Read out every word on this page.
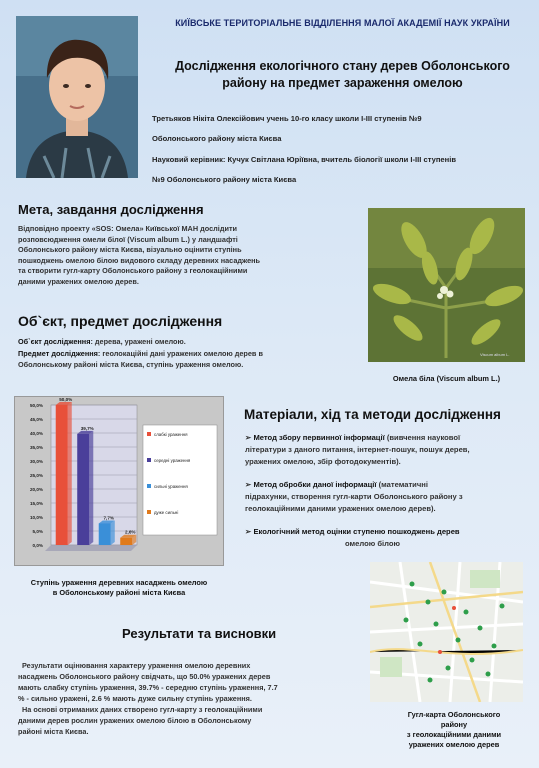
КИЇВСЬКЕ ТЕРИТОРІАЛЬНЕ ВІДДІЛЕННЯ МАЛОЇ АКАДЕМІЇ НАУК УКРАЇНИ
Дослідження екологічного стану дерев Оболонського
району на предмет зараження омелою
Третьяков Нікіта Олексійович учень 10-го класу школи І-ІІІ ступенів №9
Оболонського району міста Києва
Науковий керівник: Кучук Світлана Юріївна, вчитель біології школи І-ІІІ ступенів
№9 Оболонського району міста Києва
Мета, завдання дослідження
Відповідно проекту «SOS: Омела» Київської МАН дослідити
розповсюдження омели білої (Viscum album L.) у ландшафті
Оболонського району міста Києва, візуально оцінити ступінь
пошкоджень омелою білою видового складу деревних насаджень
та створити гугл-карту Оболонського району з геолокаційними
даними уражених омелою дерев.
Об`єкт, предмет дослідження
Об`єкт дослідження: дерева, уражені омелою.
Предмет дослідження: геолокаційні дані уражених омелою дерев в
Оболонському районі міста Києва, ступінь ураження омелою.
Viscum album L.
Омела біла (Viscum album L.)
0,0%
5,0%
10,0%
15,0%
20,0%
25,0%
30,0%
35,0%
40,0%
45,0%
50,0%
50,0%
39,7%
7,7%
2,6%
слабкі ураження
середні ураження
сильні ураження
дуже сильні
Ступінь ураження деревних насаджень омелою
в Оболонському районі міста Києва
Матеріали, хід та методи дослідження
➢ Метод збору первинної інформації (вивчення наукової
літератури з даного питання, інтернет-пошук, пошук дерев,
уражених омелою, збір фотодокументів).
➢ Метод обробки даної інформації (математичні
підрахунки, створення гугл-карти Оболонського району з
геолокаційними даними уражених омелою дерев).
➢ Екологічний метод оцінки ступеню пошкоджень дерев
омелою білою
Результати та висновки
Результати оцінювання характеру ураження омелою деревних
насаджень Оболонського району свідчать, що 50.0% уражених дерев
мають слабку ступінь ураження, 39.7% - середню ступінь ураження, 7.7
% - сильно уражені, 2.6 % мають дуже сильну ступінь ураження.
На основі отриманих даних створено гугл-карту з геолокаційними
даними дерев рослин уражених омелою білою в Оболонському
районі міста Києва.
Гугл-карта Оболонського
району
з геолокаційними даними
уражених омелою дерев
